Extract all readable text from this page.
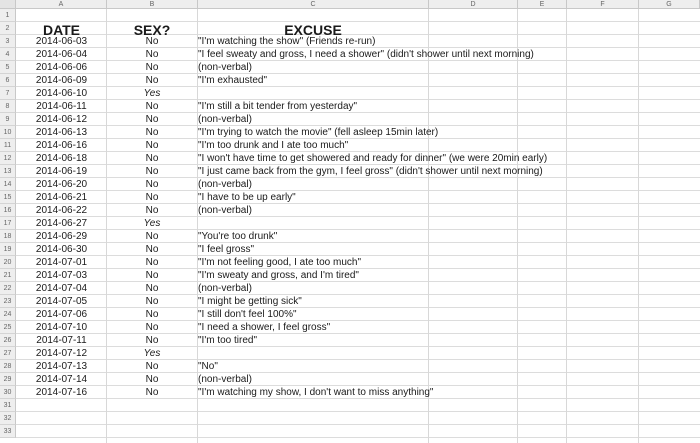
A	B	C	D	E	F	G
1
2
3
4
5
6
7
8
9
10
11
12
13
14
15
16
17
18
19
20
21
22
23
24
25
26
27
28
29
30
31
32
33
DATE	SEX?	EXCUSE
2014-06-03	No	"I'm watching the show" (Friends re-run)
2014-06-04	No	"I feel sweaty and gross, I need a shower" (didn't shower until next morning)
2014-06-06	No	(non-verbal)
2014-06-09	No	"I'm exhausted"
2014-06-10	Yes
2014-06-11	No	"I'm still a bit tender from yesterday"
2014-06-12	No	(non-verbal)
2014-06-13	No	"I'm trying to watch the movie" (fell asleep 15min later)
2014-06-16	No	"I'm too drunk and I ate too much"
2014-06-18	No	"I won't have time to get showered and ready for dinner" (we were 20min early)
2014-06-19	No	"I just came back from the gym, I feel gross" (didn't shower until next morning)
2014-06-20	No	(non-verbal)
2014-06-21	No	"I have to be up early"
2014-06-22	No	(non-verbal)
2014-06-27	Yes
2014-06-29	No	"You're too drunk"
2014-06-30	No	"I feel gross"
2014-07-01	No	"I'm not feeling good, I ate too much"
2014-07-03	No	"I'm sweaty and gross, and I'm tired"
2014-07-04	No	(non-verbal)
2014-07-05	No	"I might be getting sick"
2014-07-06	No	"I still don't feel 100%"
2014-07-10	No	"I need a shower, I feel gross"
2014-07-11	No	"I'm too tired"
2014-07-12	Yes
2014-07-13	No	"No"
2014-07-14	No	(non-verbal)
2014-07-16	No	"I'm watching my show, I don't want to miss anything"
